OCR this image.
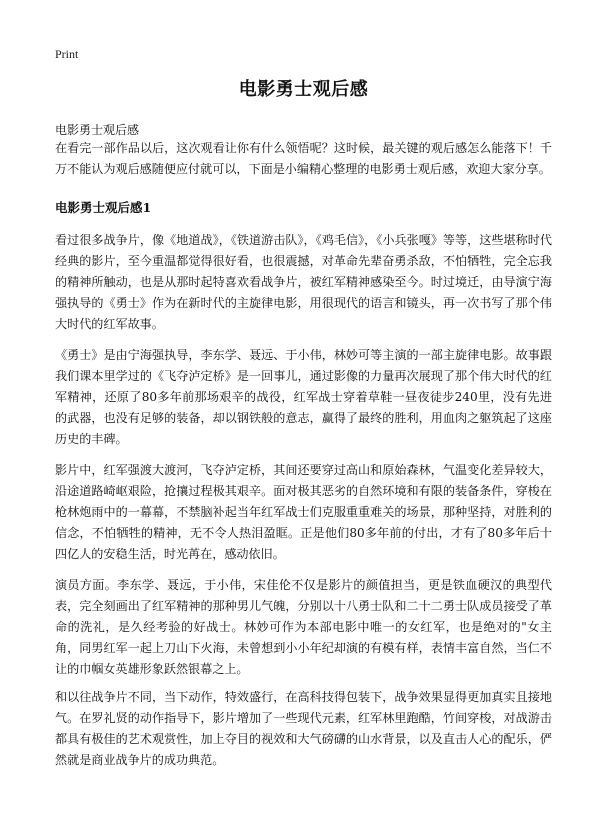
Print
电影勇士观后感
电影勇士观后感

在看完一部作品以后，这次观看让你有什么领悟呢？这时候，最关键的观后感怎么能落下！千万不能认为观后感随便应付就可以，下面是小编精心整理的电影勇士观后感，欢迎大家分享。

电影勇士观后感1

看过很多战争片，像《地道战》，《铁道游击队》，《鸡毛信》，《小兵张嘎》等等，这些堪称时代经典的影片，至今重温都觉得很好看，也很震撼，对革命先辈奋勇杀敌，不怕牺牲，完全忘我的精神所触动，也是从那时起特喜欢看战争片，被红军精神感染至今。时过境迁，由导演宁海强执导的《勇士》作为在新时代的主旋律电影，用很现代的语言和镜头，再一次书写了那个伟大时代的红军故事。

《勇士》是由宁海强执导，李东学、聂远、于小伟，林妙可等主演的一部主旋律电影。故事跟我们课本里学过的《飞夺泸定桥》是一回事儿，通过影像的力量再次展现了那个伟大时代的红军精神，还原了80多年前那场艰辛的战役，红军战士穿着草鞋一昼夜徒步240里，没有先进的武器，也没有足够的装备，却以钢铁般的意志，赢得了最终的胜利，用血肉之躯筑起了这座历史的丰碑。

影片中，红军强渡大渡河，飞夺泸定桥，其间还要穿过高山和原始森林，气温变化差异较大，沿途道路崎岖艰险，抢攘过程极其艰辛。面对极其恶劣的自然环境和有限的装备条件，穿梭在枪林炮雨中的一幕幕，不禁脑补起当年红军战士们克服重重难关的场景，那种坚持，对胜利的信念，不怕牺牲的精神，无不令人热泪盈眶。正是他们80多年前的付出，才有了80多年后十四亿人的安稳生活，时光苒在，感动依旧。

演员方面。李东学、聂远，于小伟，宋佳伦不仅是影片的颜值担当，更是铁血硬汉的典型代表，完全刻画出了红军精神的那种男儿气魄，分别以十八勇士队和二十二勇士队成员接受了革命的洗礼，是久经考验的好战士。林妙可作为本部电影中唯一的女红军，也是绝对的"女主角，同男红军一起上刀山下火海，未曾想到小小年纪却演的有模有样，表情丰富自然，当仁不让的巾帼女英雄形象跃然银幕之上。

和以往战争片不同，当下动作，特效盛行，在高科技得包装下，战争效果显得更加真实且接地气。在罗礼贤的动作指导下，影片增加了一些现代元素，红军林里跑酷，竹间穿梭，对战游击都具有极佳的艺术观赏性，加上夺目的视效和大气磅礴的山水背景，以及直击人心的配乐，俨然就是商业战争片的成功典范。
